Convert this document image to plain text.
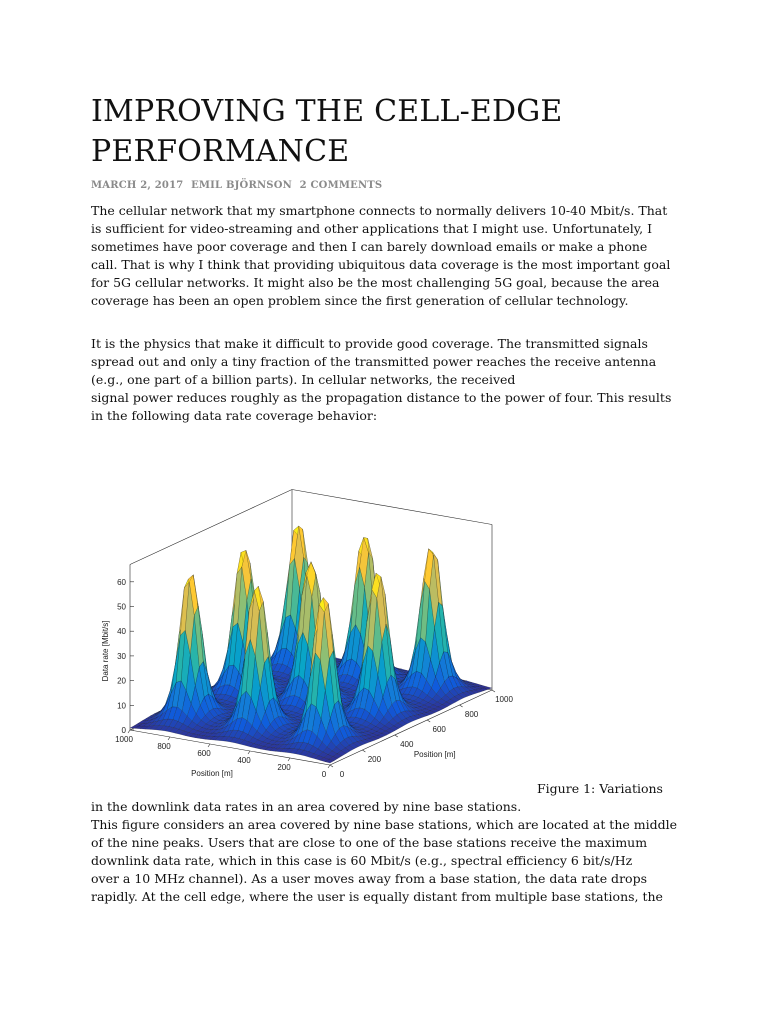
IMPROVING THE CELL-EDGE
PERFORMANCE
MARCH 2, 2017 EMIL BJÖRNSON 2 COMMENTS
The cellular network that my smartphone connects to normally delivers 10-40 Mbit/s. That
is sufficient for video-streaming and other applications that I might use. Unfortunately, I
sometimes have poor coverage and then I can barely download emails or make a phone
call. That is why I think that providing ubiquitous data coverage is the most important goal
for 5G cellular networks. It might also be the most challenging 5G goal, because the area
coverage has been an open problem since the first generation of cellular technology.
It is the physics that make it difficult to provide good coverage. The transmitted signals
spread out and only a tiny fraction of the transmitted power reaches the receive antenna
(e.g., one part of a billion parts). In cellular networks, the received
signal power reduces roughly as the propagation distance to the power of four. This results
in the following data rate coverage behavior:
0
10
20
30
40
50
60
Data rate [Mbit/s]
1000
800
600
400
200
0
Position [m]	0
200
400
600
800
1000
Position [m]
Figure 1: Variations
in the downlink data rates in an area covered by nine base stations.
This figure considers an area covered by nine base stations, which are located at the middle
of the nine peaks. Users that are close to one of the base stations receive the maximum
downlink data rate, which in this case is 60 Mbit/s (e.g., spectral efficiency 6 bit/s/Hz
over a 10 MHz channel). As a user moves away from a base station, the data rate drops
rapidly. At the cell edge, where the user is equally distant from multiple base stations, the
